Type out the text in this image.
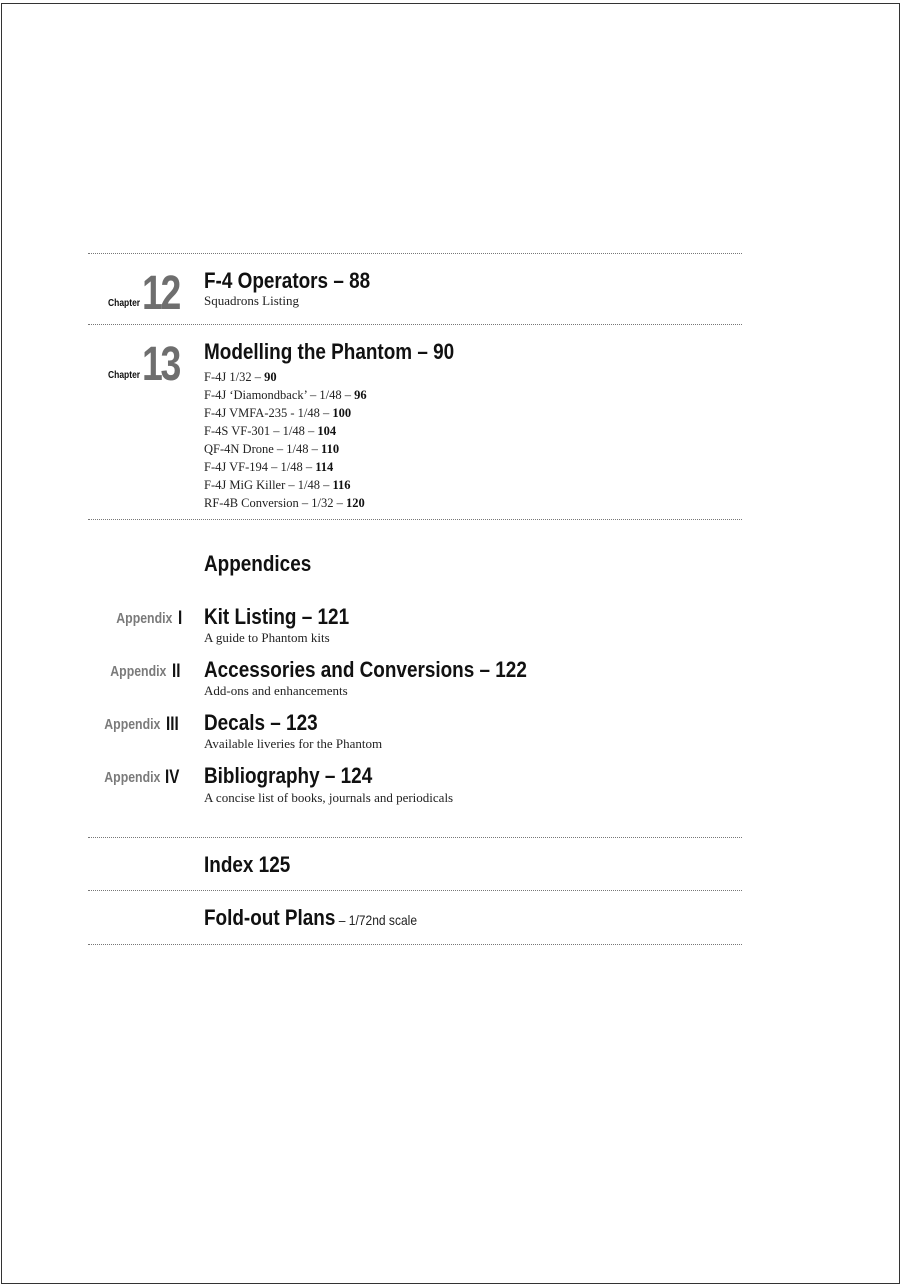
Chapter 12 F-4 Operators – 88
Squadrons Listing
Chapter 13 Modelling the Phantom – 90
F-4J 1/32 – 90
F-4J ‘Diamondback’ – 1/48 – 96
F-4J VMFA-235 - 1/48 – 100
F-4S VF-301 – 1/48 – 104
QF-4N Drone – 1/48 – 110
F-4J VF-194 – 1/48 – 114
F-4J MiG Killer – 1/48 – 116
RF-4B Conversion – 1/32 – 120
Appendices
Appendix I Kit Listing – 121
A guide to Phantom kits
Appendix II Accessories and Conversions – 122
Add-ons and enhancements
Appendix III Decals – 123
Available liveries for the Phantom
Appendix IV Bibliography – 124
A concise list of books, journals and periodicals
Index 125
Fold-out Plans – 1/72nd scale
